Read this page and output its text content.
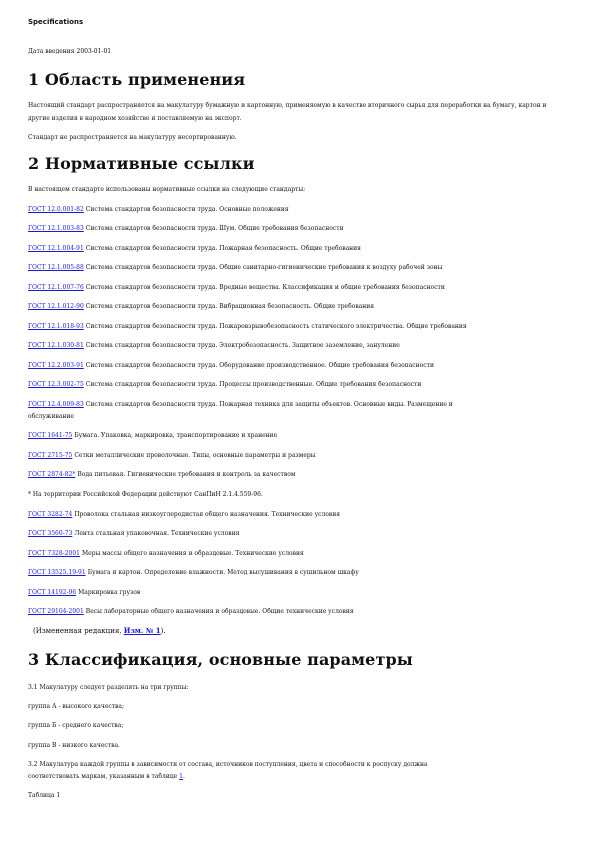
Specifications
Дата введения 2003-01-01
1 Область применения
Настоящий стандарт распространяется на макулатуру бумажную и картонную, применяемую в качестве вторичного сырья для переработки на бумагу, картон и другие изделия в народном хозяйстве и поставляемую на экспорт.
Стандарт не распространяется на макулатуру несортированную.
2 Нормативные ссылки
В настоящем стандарте использованы нормативные ссылки на следующие стандарты:
ГОСТ 12.0.001-82 Система стандартов безопасности труда. Основные положения
ГОСТ 12.1.003-83 Система стандартов безопасности труда. Шум. Общие требования безопасности
ГОСТ 12.1.004-91 Система стандартов безопасности труда. Пожарная безопасность. Общие требования
ГОСТ 12.1.005-88 Система стандартов безопасности труда. Общие санитарно-гигиенические требования к воздуху рабочей зоны
ГОСТ 12.1.007-76 Система стандартов безопасности труда. Вредные вещества. Классификация и общие требования безопасности
ГОСТ 12.1.012-90 Система стандартов безопасности труда. Вибрационная безопасность. Общие требования
ГОСТ 12.1.018-93 Система стандартов безопасности труда. Пожаровзрывобезопасность статического электричества. Общие требования
ГОСТ 12.1.030-81 Система стандартов безопасности труда. Электробезопасность. Защитное заземление, зануление
ГОСТ 12.2.003-91 Система стандартов безопасности труда. Оборудование производственное. Общие требования безопасности
ГОСТ 12.3.002-75 Система стандартов безопасности труда. Процессы производственные. Общие требования безопасности
ГОСТ 12.4.009-83 Система стандартов безопасности труда. Пожарная техника для защиты объектов. Основные виды. Размещение и
обслуживание
ГОСТ 1641-75 Бумага. Упаковка, маркировка, транспортирование и хранение
ГОСТ 2715-75 Сетки металлические проволочные. Типы, основные параметры и размеры
ГОСТ 2874-82* Вода питьевая. Гигиенические требования и контроль за качеством
* На территории Российской Федерации действуют СанПиН 2.1.4.559-96.
ГОСТ 3282-74 Проволока стальная низкоуглеродистая общего назначения. Технические условия
ГОСТ 3560-73 Лента стальная упаковочная. Технические условия
ГОСТ 7328-2001 Меры массы общего назначения и образцовые. Технические условия
ГОСТ 13525.19-91 Бумага и картон. Определение влажности. Метод высушивания в сушильном шкафу
ГОСТ 14192-96 Маркировка грузов
ГОСТ 29104-2001 Весы лабораторные общего назначения и образцовые. Общие технические условия
(Измененная редакция, Изм. № 1).
3 Классификация, основные параметры
3.1 Макулатуру следует разделять на три группы:
группа А - высокого качества;
группа Б - среднего качества;
группа В - низкого качества.
3.2 Макулатура каждой группы в зависимости от состава, источников поступления, цвета и способности к роспуску должна
соответствовать маркам, указанным в таблице 1.
Таблица 1
